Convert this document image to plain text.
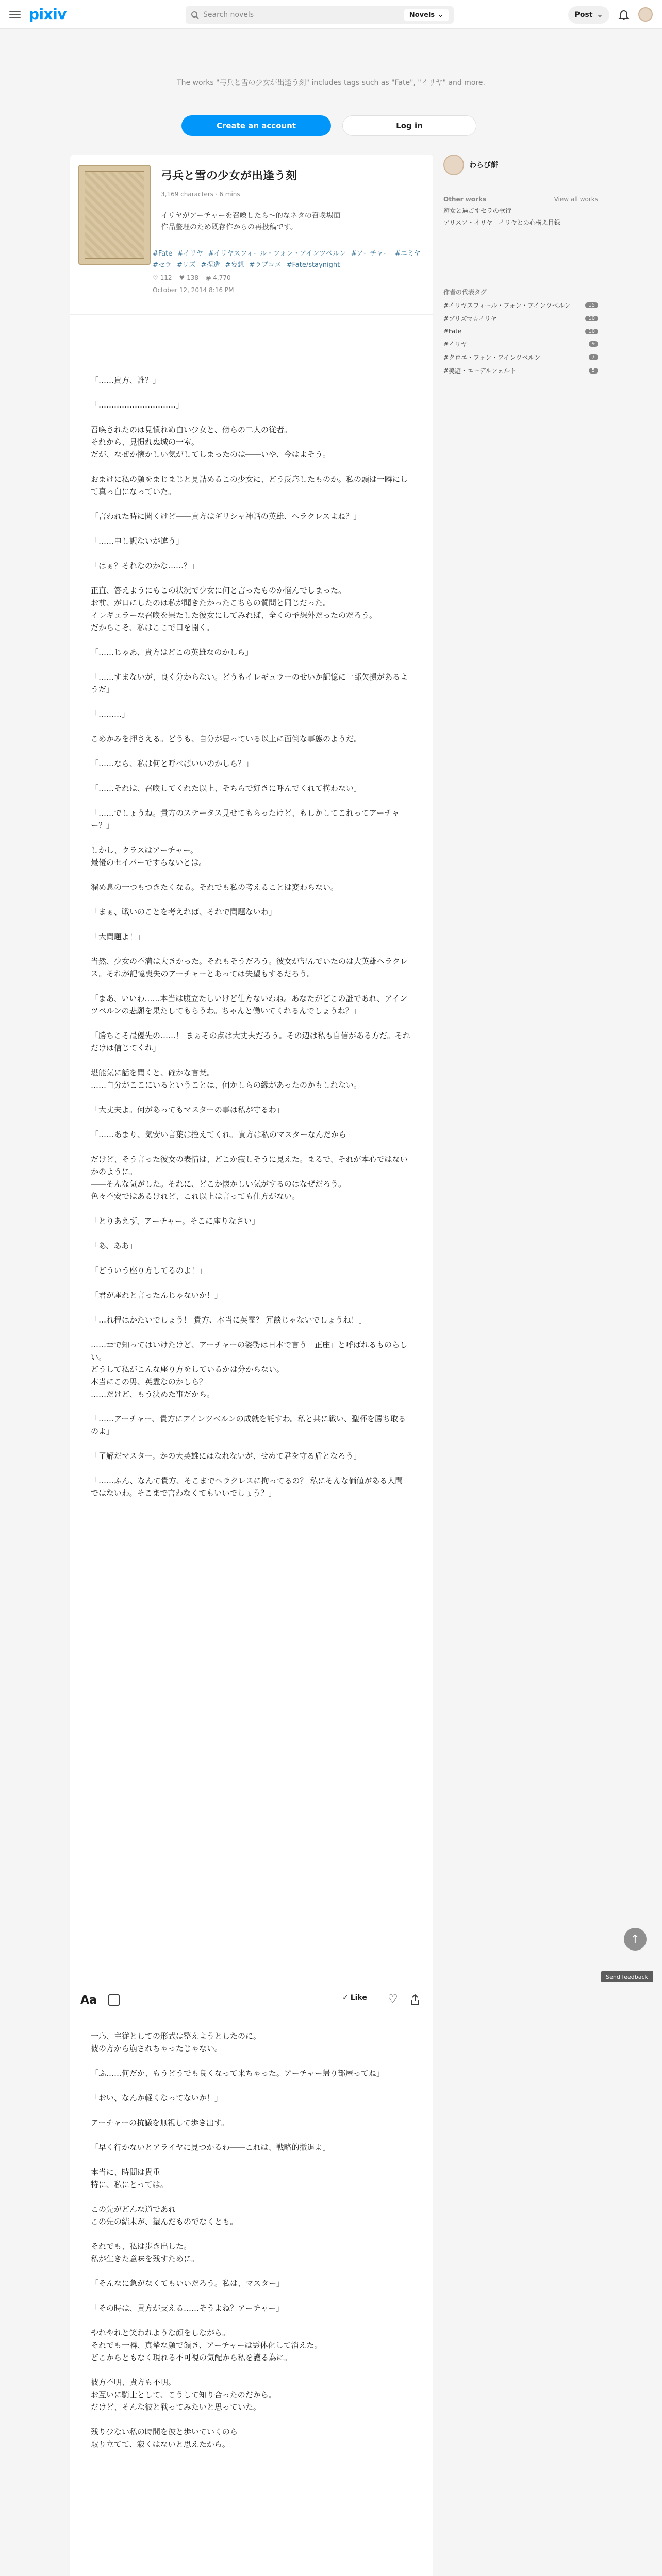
pixiv	Search novels	Novels ⌄	Post ⌄
The works "弓兵と雪の少女が出逢う刻" includes tags such as "Fate", "イリヤ" and more.
Create an account	Log in
弓兵と雪の少女が出逢う刻
3,169 characters · 6 mins
イリヤがアーチャーを召喚したら～的なネタの召喚場面
作品整理のため既存作からの再投稿です。
#Fate #イリヤ #イリヤスフィール・フォン・アインツベルン #アーチャー #エミヤ#セラ #リズ #捏造 #妄想 #ラブコメ #Fate/staynight
♡ 112 ♥ 138 ◉ 4,770
October 12, 2014 8:16 PM

「……貴方、誰？」

「…………………………」

召喚されたのは見慣れぬ白い少女と、傍らの二人の従者。
それから、見慣れぬ城の一室。
だが、なぜか懐かしい気がしてしまったのは――いや、今はよそう。

おまけに私の顔をまじまじと見詰めるこの少女に、どう反応したものか。私の頭は一瞬にして真っ白になっていた。

「言われた時に聞くけど――貴方はギリシャ神話の英雄、ヘラクレスよね？」

「……申し訳ないが違う」

「はぁ？それなのかな……？」

正直、答えようにもこの状況で少女に何と言ったものか悩んでしまった。
お前、が口にしたのは私が聞きたかったこちらの質問と同じだった。
イレギュラーな召喚を果たした彼女にしてみれば、全くの予想外だったのだろう。
だからこそ、私はここで口を開く。

「……じゃあ、貴方はどこの英雄なのかしら」

「……すまないが、良く分からない。どうもイレギュラーのせいか記憶に一部欠損があるようだ」

「………」

こめかみを押さえる。どうも、自分が思っている以上に面倒な事態のようだ。

「……なら、私は何と呼べばいいのかしら？」

「……それは、召喚してくれた以上、そちらで好きに呼んでくれて構わない」

「……でしょうね。貴方のステータス見せてもらったけど、もしかしてこれってアーチャー？」

しかし、クラスはアーチャー。
最優のセイバーですらないとは。

溜め息の一つもつきたくなる。それでも私の考えることは変わらない。

「まぁ、戦いのことを考えれば、それで問題ないわ」

「大問題よ！」

当然、少女の不満は大きかった。それもそうだろう。彼女が望んでいたのは大英雄ヘラクレス。それが記憶喪失のアーチャーとあっては失望もするだろう。

「まあ、いいわ……本当は腹立たしいけど仕方ないわね。あなたがどこの誰であれ、アインツベルンの悲願を果たしてもらうわ。ちゃんと働いてくれるんでしょうね？」

「勝ちこそ最優先の……！ まぁその点は大丈夫だろう。その辺は私も自信がある方だ。それだけは信じてくれ」

堪能気に話を聞くと、確かな言葉。
……自分がここにいるということは、何かしらの縁があったのかもしれない。

「大丈夫よ。何があってもマスターの事は私が守るわ」

「……あまり、気安い言葉は控えてくれ。貴方は私のマスターなんだから」

だけど、そう言った彼女の表情は、どこか寂しそうに見えた。まるで、それが本心ではないかのように。
――そんな気がした。それに、どこか懐かしい気がするのはなぜだろう。
色々不安ではあるけれど、これ以上は言っても仕方がない。

「とりあえず、アーチャー。そこに座りなさい」

「あ、ああ」

「どういう座り方してるのよ！」

「君が座れと言ったんじゃないか！」

「…れ程はかたいでしょう！ 貴方、本当に英霊？ 冗談じゃないでしょうね！」

……幸で知ってはいけたけど、アーチャーの姿勢は日本で言う「正座」と呼ばれるものらしい。
どうして私がこんな座り方をしているかは分からない。
本当にこの男、英霊なのかしら？
……だけど、もう決めた事だから。

「……アーチャー、貴方にアインツベルンの成就を託すわ。私と共に戦い、聖杯を勝ち取るのよ」

「了解だマスター。かの大英雄にはなれないが、せめて君を守る盾となろう」

「……ふん、なんて貴方、そこまでヘラクレスに拘ってるの？ 私にそんな価値がある人間ではないわ。そこまで言わなくてもいいでしょう？」

Aa	✓ Like ♡

一応、主従としての形式は整えようとしたのに。
彼の方から崩されちゃったじゃない。

「ふ……何だか、もうどうでも良くなって来ちゃった。アーチャー帰り部屋ってね」

「おい、なんか軽くなってないか！」

アーチャーの抗議を無視して歩き出す。

「早く行かないとアライヤに見つかるわ――これは、戦略的撤退よ」

本当に、時間は貴重
特に、私にとっては。

この先がどんな道であれ
この先の結末が、望んだものでなくとも。

それでも、私は歩き出した。
私が生きた意味を残すために。

「そんなに急がなくてもいいだろう。私は、マスター」

「その時は、貴方が支える……そうよね？アーチャー」

やれやれと笑われような顔をしながら。
それでも一瞬、真摯な顔で頷き、アーチャーは霊体化して消えた。
どこからともなく現れる不可視の気配から私を護る為に。

彼方不明、貴方も不明。
お互いに騎士として、こうして知り合ったのだから。
だけど、そんな彼と戦ってみたいと思っていた。

残り少ない私の時間を彼と歩いていくのら
取り立てて、寂くはないと思えたから。

わらび餅
Other works	View all works
遊女と過ごすセラの歌行
アリスア・イリヤ　イリヤとの心構え目録
作者の代表タグ
#イリヤスフィール・フォン・アインツベルン	15
#プリズマ☆イリヤ	10
#Fate	10
#イリヤ	9
#クロエ・フォン・アインツベルン	7
#美遊・エーデルフェルト	5
↑
Send feedback
